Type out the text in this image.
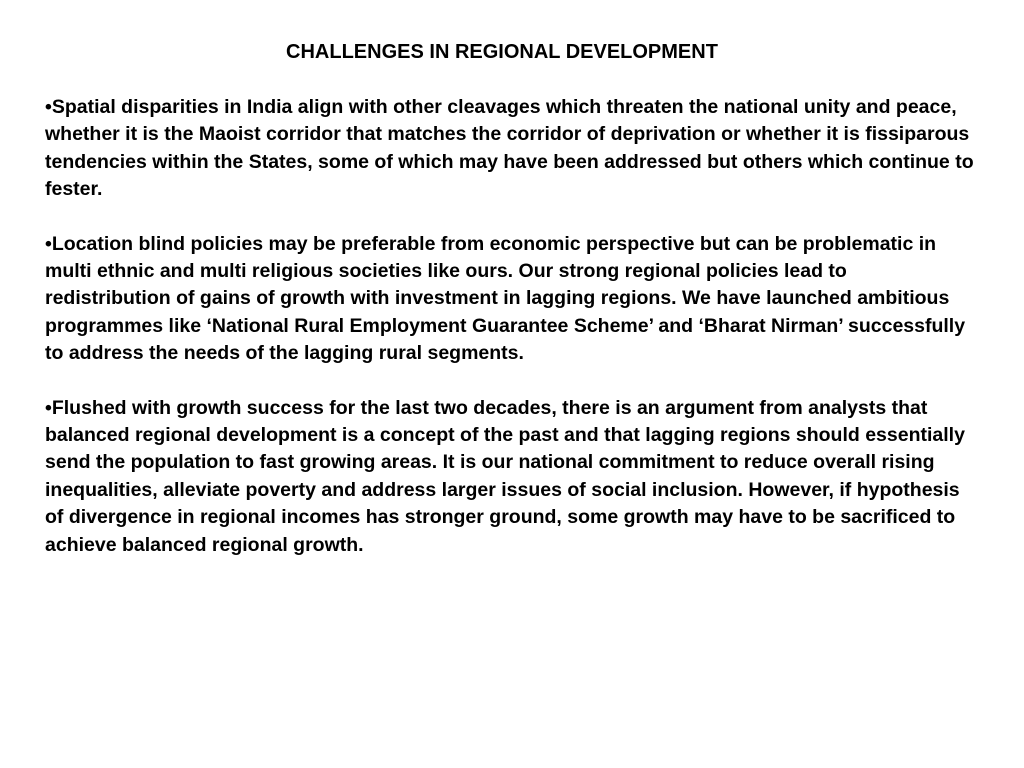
CHALLENGES IN REGIONAL DEVELOPMENT

•Spatial disparities in India align with other cleavages which threaten the national unity and peace, whether it is the Maoist corridor that matches the corridor of deprivation or whether it is fissiparous tendencies within the States, some of which may have been addressed but others which continue to fester.

•Location blind policies may be preferable from economic perspective but can be problematic in multi ethnic and multi religious societies like ours. Our strong regional policies lead to redistribution of gains of growth with investment in lagging regions. We have launched ambitious programmes like ‘National Rural Employment Guarantee Scheme’ and ‘Bharat Nirman’ successfully to address the needs of the lagging rural segments.

•Flushed with growth success for the last two decades, there is an argument from analysts that balanced regional development is a concept of the past and that lagging regions should essentially send the population to fast growing areas. It is our national commitment to reduce overall rising inequalities, alleviate poverty and address larger issues of social inclusion. However, if hypothesis of divergence in regional incomes has stronger ground, some growth may have to be sacrificed to achieve balanced regional growth.
